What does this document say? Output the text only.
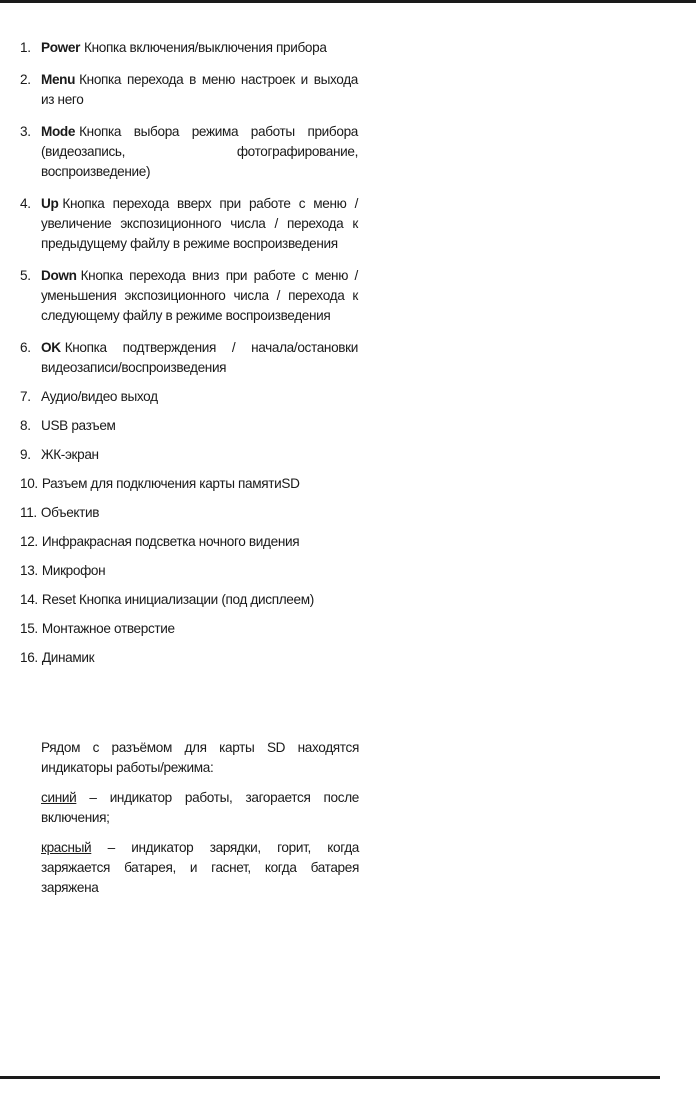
1. Power Кнопка включения/выключения прибора
2. Menu Кнопка перехода в меню настроек и выхода из него
3. Mode Кнопка выбора режима работы прибора (видеозапись, фотографирование, воспроизведение)
4. Up Кнопка перехода вверх при работе с меню / увеличение экспозиционного числа / перехода к предыдущему файлу в режиме воспроизведения
5. Down Кнопка перехода вниз при работе с меню / уменьшения экспозиционного числа / перехода к следующему файлу в режиме воспроизведения
6. OK Кнопка подтверждения / начала/остановки видеозаписи/воспроизведения
7. Аудио/видео выход
8. USB разъем
9. ЖК-экран
10. Разъем для подключения карты памятиSD
11. Объектив
12. Инфракрасная подсветка ночного видения
13. Микрофон
14. Reset Кнопка инициализации (под дисплеем)
15. Монтажное отверстие
16. Динамик

Рядом с разъёмом для карты SD находятся индикаторы работы/режима:

синий – индикатор работы, загорается после включения;

красный – индикатор зарядки, горит, когда заряжается батарея, и гаснет, когда батарея заряжена
